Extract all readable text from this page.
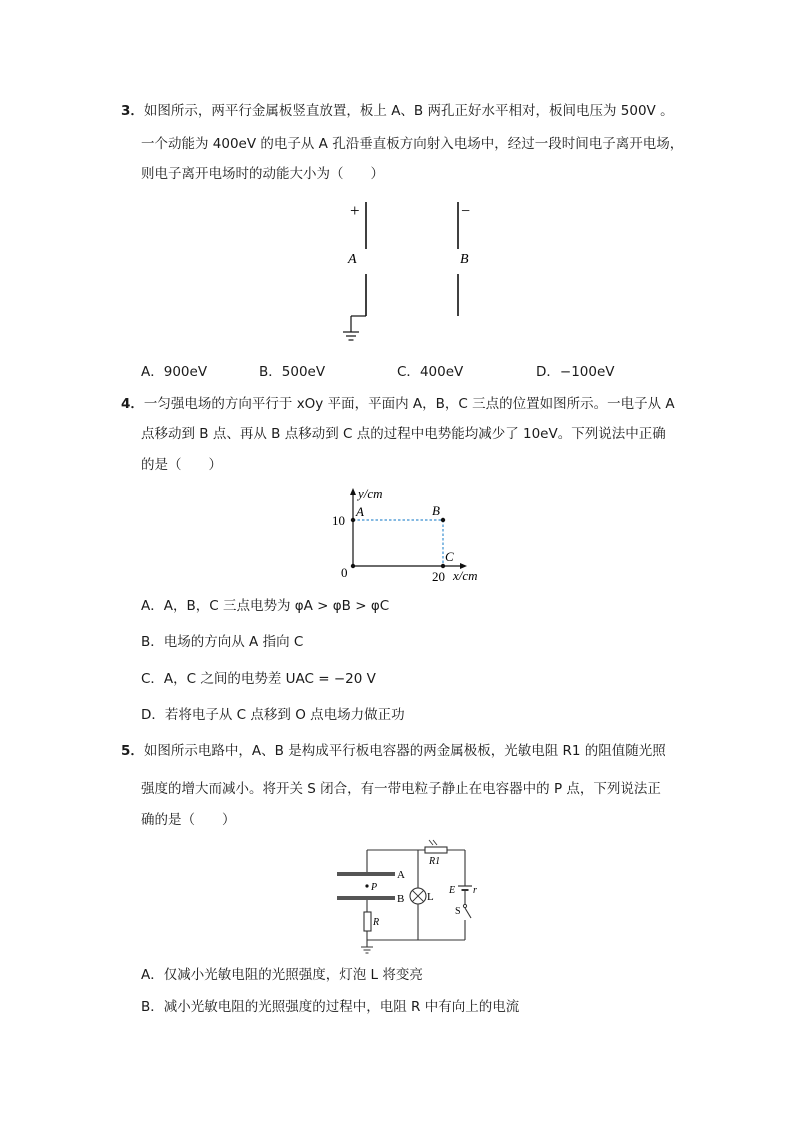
3．如图所示，两平行金属板竖直放置，板上 A、B 两孔正好水平相对，板间电压为 500V 。
一个动能为 400eV 的电子从 A 孔沿垂直板方向射入电场中，经过一段时间电子离开电场，
则电子离开电场时的动能大小为（　　）
+
A
−
B
A．900eV	B．500eV	C．400eV	D．−100eV
4．一匀强电场的方向平行于 xOy 平面，平面内 A，B，C 三点的位置如图所示。一电子从 A
点移动到 B 点、再从 B 点移动到 C 点的过程中电势能均减少了 10eV。下列说法中正确
的是（　　）
y/cm
x/cm
0
10
20
A	B
C
A．A，B，C 三点电势为 φA > φB > φC
B．电场的方向从 A 指向 C
C．A，C 之间的电势差 UAC = −20 V
D．若将电子从 C 点移到 O 点电场力做正功
5．如图所示电路中，A、B 是构成平行板电容器的两金属极板，光敏电阻 R1 的阻值随光照
强度的增大而减小。将开关 S 闭合，有一带电粒子静止在电容器中的 P 点，下列说法正
确的是（　　）
A
P
B
R
R1
L
E r
S
A．仅减小光敏电阻的光照强度，灯泡 L 将变亮
B．减小光敏电阻的光照强度的过程中，电阻 R 中有向上的电流
